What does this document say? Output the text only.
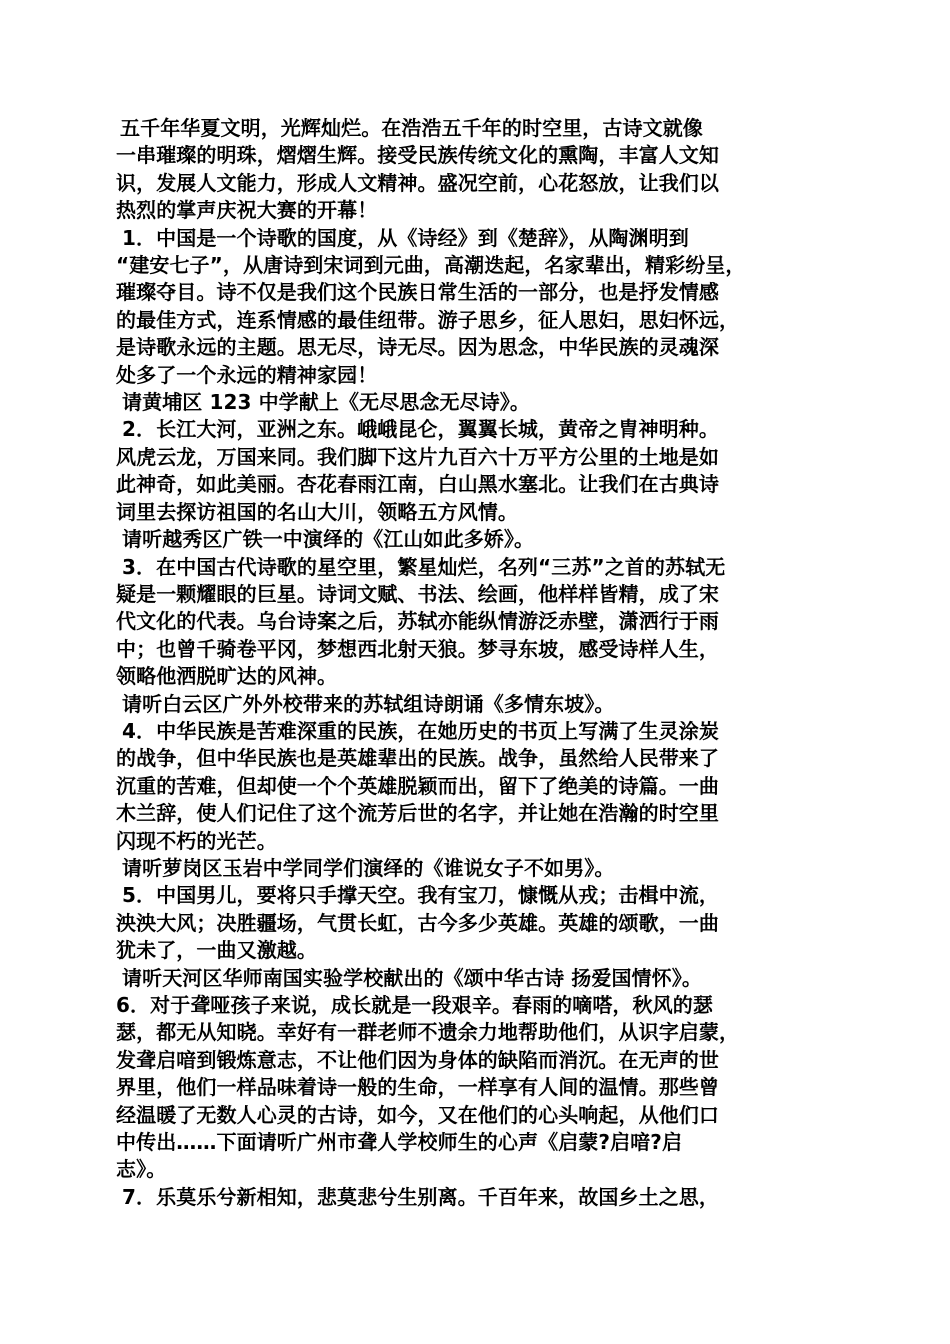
五千年华夏文明，光辉灿烂。在浩浩五千年的时空里，古诗文就像
一串璀璨的明珠，熠熠生辉。接受民族传统文化的熏陶，丰富人文知
识，发展人文能力，形成人文精神。盛况空前，心花怒放，让我们以
热烈的掌声庆祝大赛的开幕！
1．中国是一个诗歌的国度，从《诗经》到《楚辞》，从陶渊明到
“建安七子”，从唐诗到宋词到元曲，高潮迭起，名家辈出，精彩纷呈，
璀璨夺目。诗不仅是我们这个民族日常生活的一部分，也是抒发情感
的最佳方式，连系情感的最佳纽带。游子思乡，征人思妇，思妇怀远，
是诗歌永远的主题。思无尽，诗无尽。因为思念，中华民族的灵魂深
处多了一个永远的精神家园！
请黄埔区 123 中学献上《无尽思念无尽诗》。
2．长江大河，亚洲之东。峨峨昆仑，翼翼长城，黄帝之胄神明种。
风虎云龙，万国来同。我们脚下这片九百六十万平方公里的土地是如
此神奇，如此美丽。杏花春雨江南，白山黑水塞北。让我们在古典诗
词里去探访祖国的名山大川，领略五方风情。
请听越秀区广铁一中演绎的《江山如此多娇》。
3．在中国古代诗歌的星空里，繁星灿烂，名列“三苏”之首的苏轼无
疑是一颗耀眼的巨星。诗词文赋、书法、绘画，他样样皆精，成了宋
代文化的代表。乌台诗案之后，苏轼亦能纵情游泛赤壁，潇洒行于雨
中；也曾千骑卷平冈，梦想西北射天狼。梦寻东坡，感受诗样人生，
领略他洒脱旷达的风神。
请听白云区广外外校带来的苏轼组诗朗诵《多情东坡》。
4．中华民族是苦难深重的民族，在她历史的书页上写满了生灵涂炭
的战争，但中华民族也是英雄辈出的民族。战争，虽然给人民带来了
沉重的苦难，但却使一个个英雄脱颖而出，留下了绝美的诗篇。一曲
木兰辞，使人们记住了这个流芳后世的名字，并让她在浩瀚的时空里
闪现不朽的光芒。
请听萝岗区玉岩中学同学们演绎的《谁说女子不如男》。
5．中国男儿，要将只手撑天空。我有宝刀，慷慨从戎；击楫中流，
泱泱大风；决胜疆场，气贯长虹，古今多少英雄。英雄的颂歌，一曲
犹未了，一曲又激越。
请听天河区华师南国实验学校献出的《颂中华古诗 扬爱国情怀》。
6．对于聋哑孩子来说，成长就是一段艰辛。春雨的嘀嗒，秋风的瑟
瑟，都无从知晓。幸好有一群老师不遗余力地帮助他们，从识字启蒙，
发聋启喑到锻炼意志，不让他们因为身体的缺陷而消沉。在无声的世
界里，他们一样品味着诗一般的生命，一样享有人间的温情。那些曾
经温暖了无数人心灵的古诗，如今，又在他们的心头响起，从他们口
中传出……下面请听广州市聋人学校师生的心声《启蒙?启喑?启
志》。
7．乐莫乐兮新相知，悲莫悲兮生别离。千百年来，故国乡土之思，
